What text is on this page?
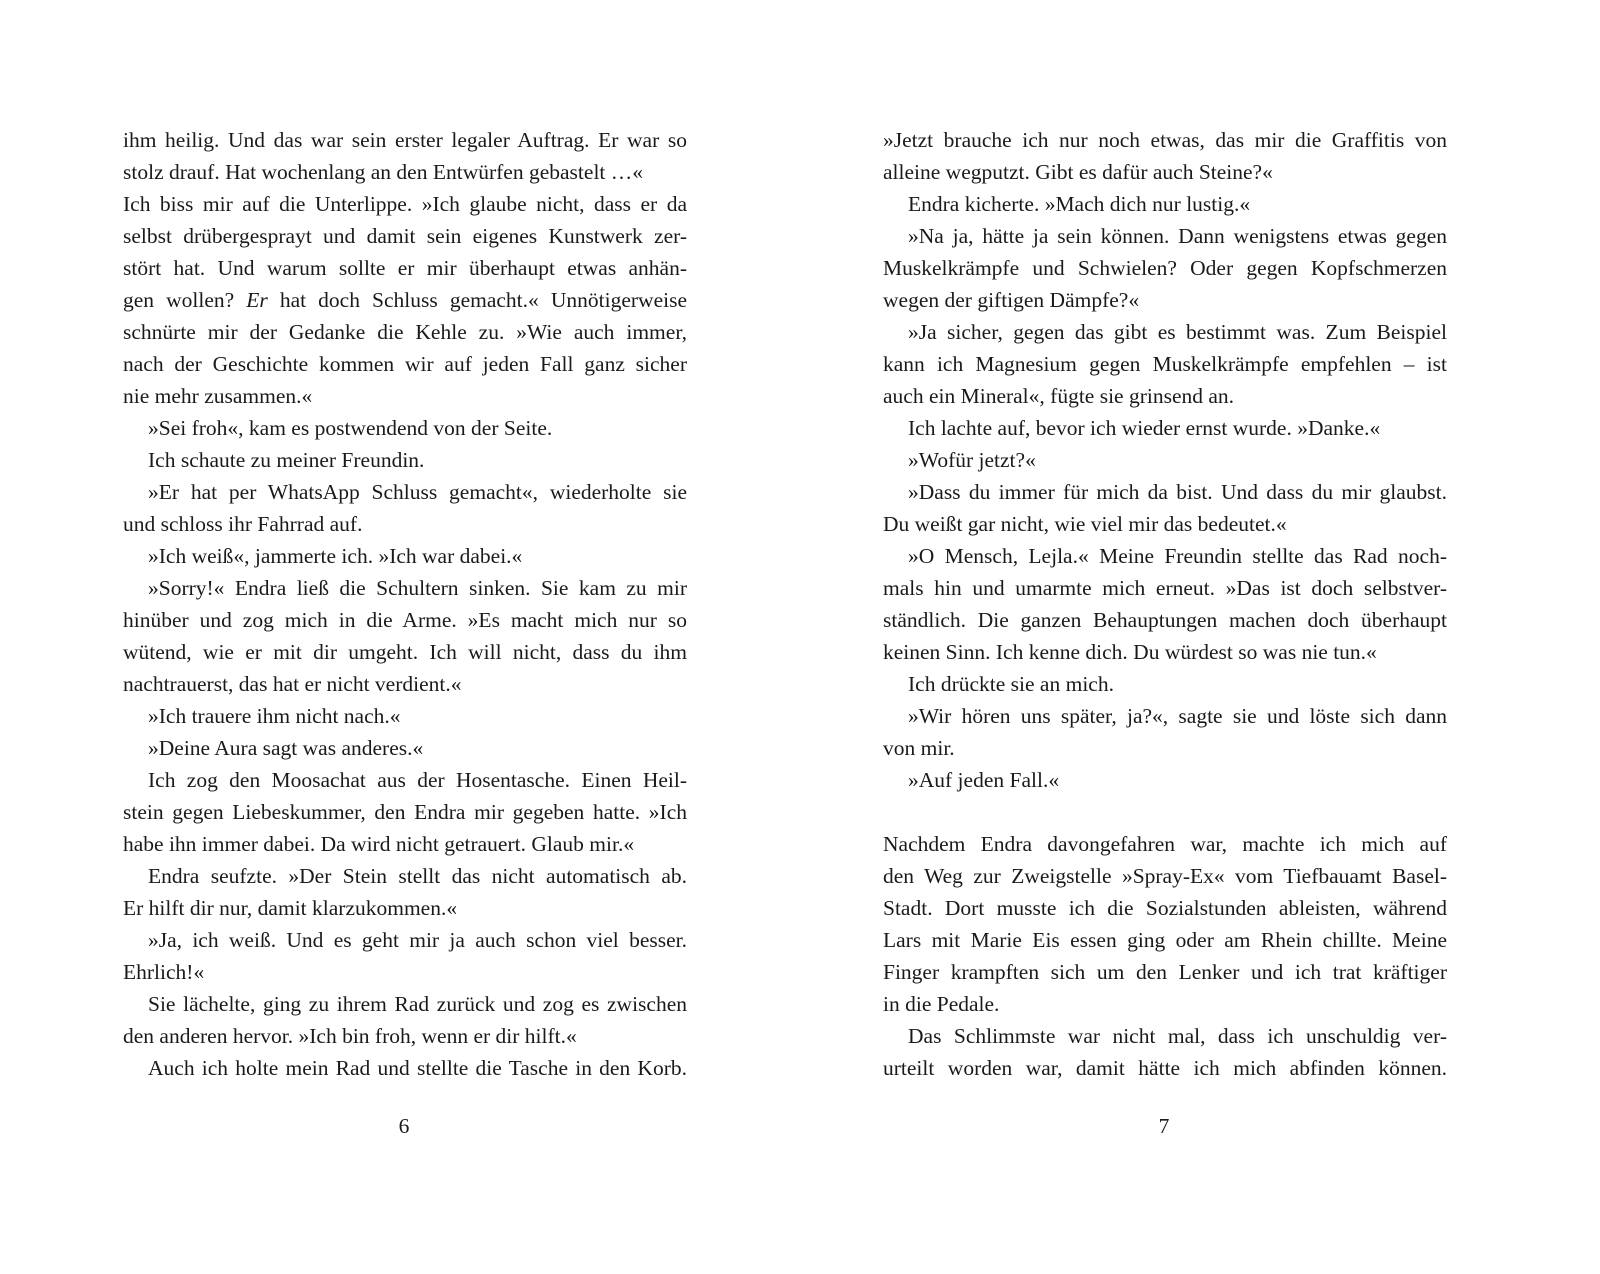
ihm heilig. Und das war sein erster legaler Auftrag. Er war so
stolz drauf. Hat wochenlang an den Entwürfen gebastelt …«
Ich biss mir auf die Unterlippe. »Ich glaube nicht, dass er da
selbst drübergesprayt und damit sein eigenes Kunstwerk zer-
stört hat. Und warum sollte er mir überhaupt etwas anhän-
gen wollen? Er hat doch Schluss gemacht.« Unnötigerweise
schnürte mir der Gedanke die Kehle zu. »Wie auch immer,
nach der Geschichte kommen wir auf jeden Fall ganz sicher
nie mehr zusammen.«
»Sei froh«, kam es postwendend von der Seite.
Ich schaute zu meiner Freundin.
»Er hat per WhatsApp Schluss gemacht«, wiederholte sie
und schloss ihr Fahrrad auf.
»Ich weiß«, jammerte ich. »Ich war dabei.«
»Sorry!« Endra ließ die Schultern sinken. Sie kam zu mir
hinüber und zog mich in die Arme. »Es macht mich nur so
wütend, wie er mit dir umgeht. Ich will nicht, dass du ihm
nachtrauerst, das hat er nicht verdient.«
»Ich trauere ihm nicht nach.«
»Deine Aura sagt was anderes.«
Ich zog den Moosachat aus der Hosentasche. Einen Heil-
stein gegen Liebeskummer, den Endra mir gegeben hatte. »Ich
habe ihn immer dabei. Da wird nicht getrauert. Glaub mir.«
Endra seufzte. »Der Stein stellt das nicht automatisch ab.
Er hilft dir nur, damit klarzukommen.«
»Ja, ich weiß. Und es geht mir ja auch schon viel besser.
Ehrlich!«
Sie lächelte, ging zu ihrem Rad zurück und zog es zwischen
den anderen hervor. »Ich bin froh, wenn er dir hilft.«
Auch ich holte mein Rad und stellte die Tasche in den Korb.
»Jetzt brauche ich nur noch etwas, das mir die Graffitis von
alleine wegputzt. Gibt es dafür auch Steine?«
Endra kicherte. »Mach dich nur lustig.«
»Na ja, hätte ja sein können. Dann wenigstens etwas gegen
Muskelkrämpfe und Schwielen? Oder gegen Kopfschmerzen
wegen der giftigen Dämpfe?«
»Ja sicher, gegen das gibt es bestimmt was. Zum Beispiel
kann ich Magnesium gegen Muskelkrämpfe empfehlen – ist
auch ein Mineral«, fügte sie grinsend an.
Ich lachte auf, bevor ich wieder ernst wurde. »Danke.«
»Wofür jetzt?«
»Dass du immer für mich da bist. Und dass du mir glaubst.
Du weißt gar nicht, wie viel mir das bedeutet.«
»O Mensch, Lejla.« Meine Freundin stellte das Rad noch-
mals hin und umarmte mich erneut. »Das ist doch selbstver-
ständlich. Die ganzen Behauptungen machen doch überhaupt
keinen Sinn. Ich kenne dich. Du würdest so was nie tun.«
Ich drückte sie an mich.
»Wir hören uns später, ja?«, sagte sie und löste sich dann
von mir.
»Auf jeden Fall.«
Nachdem Endra davongefahren war, machte ich mich auf
den Weg zur Zweigstelle »Spray-Ex« vom Tiefbauamt Basel-
Stadt. Dort musste ich die Sozialstunden ableisten, während
Lars mit Marie Eis essen ging oder am Rhein chillte. Meine
Finger krampften sich um den Lenker und ich trat kräftiger
in die Pedale.
Das Schlimmste war nicht mal, dass ich unschuldig ver-
urteilt worden war, damit hätte ich mich abfinden können.
6	7
